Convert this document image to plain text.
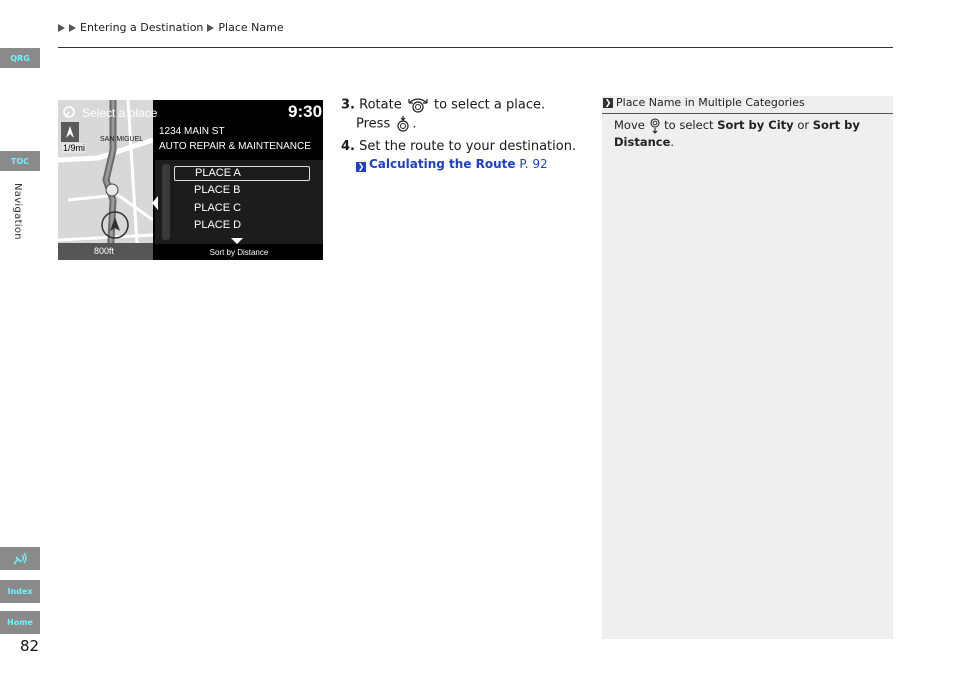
Entering a Destination Place Name
QRG
TOC
Navigation
Index
Home
82
1/9mi
SAN MIGUEL
800ft
Select a place	9:30
1234 MAIN ST
AUTO REPAIR & MAINTENANCE
PLACE A
PLACE B
PLACE C
PLACE D
Sort by Distance
3. Rotate to select a place.
Press .
4. Set the route to your destination.
❯ Calculating the Route P. 92
❯ Place Name in Multiple Categories
Move to select Sort by City or Sort by Distance.
